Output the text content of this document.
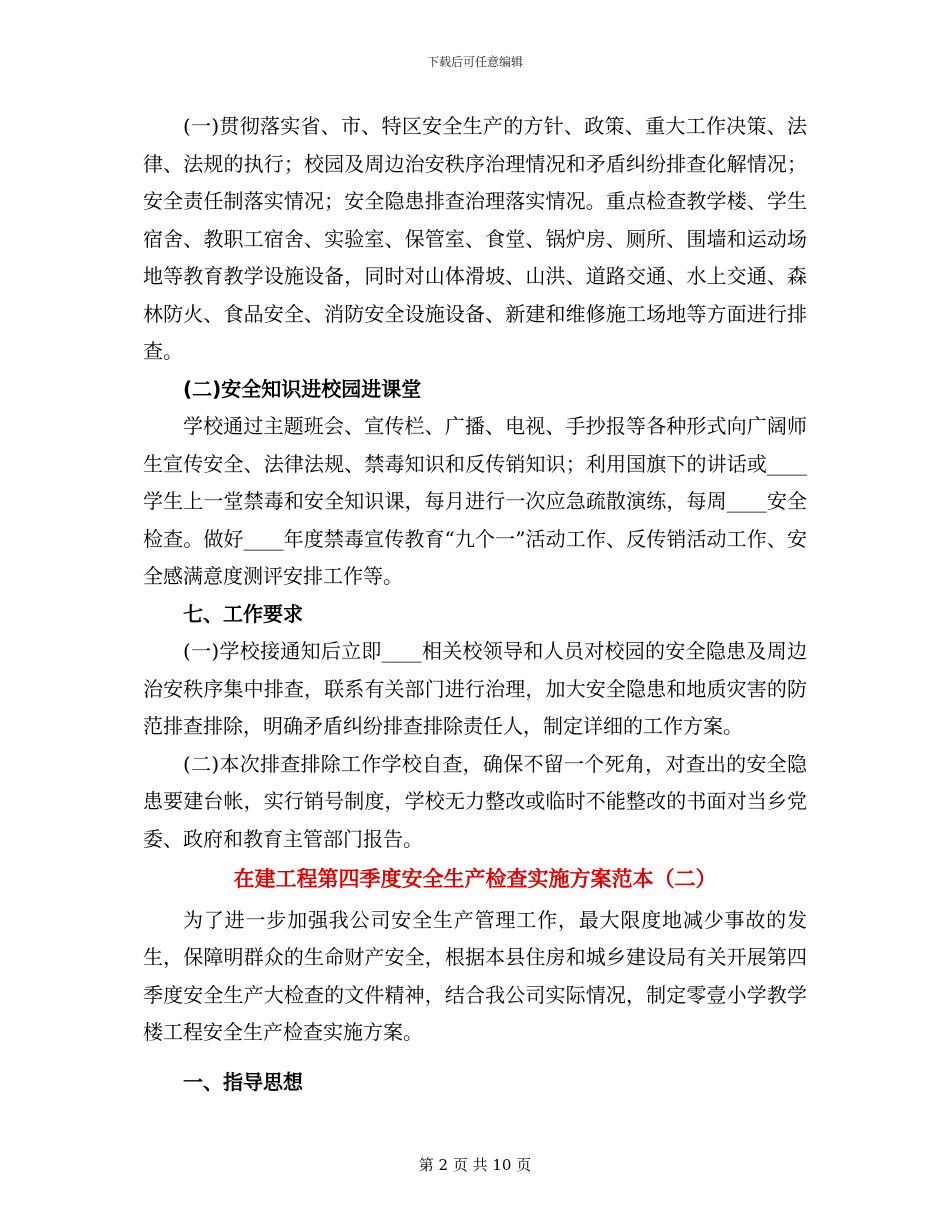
下载后可任意编辑

(一)贯彻落实省、市、特区安全生产的方针、政策、重大工作决策、法律、法规的执行；校园及周边治安秩序治理情况和矛盾纠纷排查化解情况；安全责任制落实情况；安全隐患排查治理落实情况。重点检查教学楼、学生宿舍、教职工宿舍、实验室、保管室、食堂、锅炉房、厕所、围墙和运动场地等教育教学设施设备，同时对山体滑坡、山洪、道路交通、水上交通、森林防火、食品安全、消防安全设施设备、新建和维修施工场地等方面进行排查。

(二)安全知识进校园进课堂

学校通过主题班会、宣传栏、广播、电视、手抄报等各种形式向广阔师生宣传安全、法律法规、禁毒知识和反传销知识；利用国旗下的讲话或____学生上一堂禁毒和安全知识课，每月进行一次应急疏散演练，每周____安全检查。做好____年度禁毒宣传教育“九个一”活动工作、反传销活动工作、安全感满意度测评安排工作等。

七、工作要求

(一)学校接通知后立即____相关校领导和人员对校园的安全隐患及周边治安秩序集中排查，联系有关部门进行治理，加大安全隐患和地质灾害的防范排查排除，明确矛盾纠纷排查排除责任人，制定详细的工作方案。

(二)本次排查排除工作学校自查，确保不留一个死角，对查出的安全隐患要建台帐，实行销号制度，学校无力整改或临时不能整改的书面对当乡党委、政府和教育主管部门报告。

在建工程第四季度安全生产检查实施方案范本（二）

为了进一步加强我公司安全生产管理工作，最大限度地减少事故的发生，保障明群众的生命财产安全，根据本县住房和城乡建设局有关开展第四季度安全生产大检查的文件精神，结合我公司实际情况，制定零壹小学教学楼工程安全生产检查实施方案。

一、指导思想

第 2 页 共 10 页
